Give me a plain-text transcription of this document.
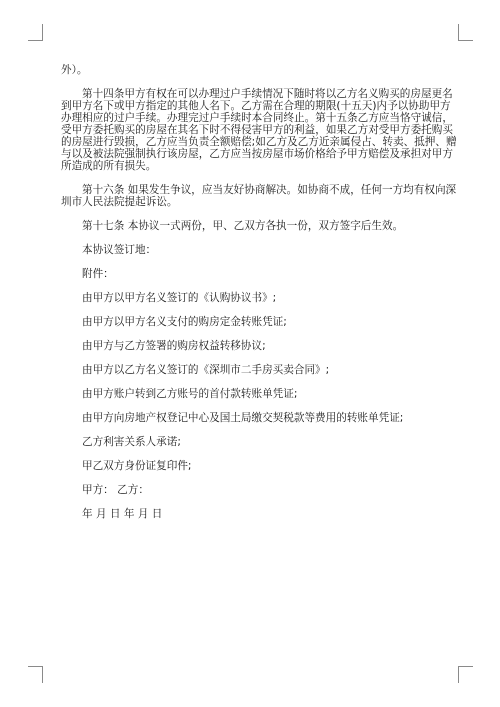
外）。
第十四条甲方有权在可以办理过户手续情况下随时将以乙方名义购买的房屋更名
到甲方名下或甲方指定的其他人名下。乙方需在合理的期限(十五天)内予以协助甲方
办理相应的过户手续。办理完过户手续时本合同终止。第十五条乙方应当恪守诚信，
受甲方委托购买的房屋在其名下时不得侵害甲方的利益，如果乙方对受甲方委托购买
的房屋进行毁损，乙方应当负责全额赔偿;如乙方及乙方近亲属侵占、转卖、抵押、赠
与以及被法院强制执行该房屋，乙方应当按房屋市场价格给予甲方赔偿及承担对甲方
所造成的所有损失。
第十六条 如果发生争议，应当友好协商解决。如协商不成，任何一方均有权向深
圳市人民法院提起诉讼。
第十七条 本协议一式两份，甲、乙双方各执一份，双方签字后生效。
本协议签订地：
附件：
由甲方以甲方名义签订的《认购协议书》;
由甲方以甲方名义支付的购房定金转账凭证;
由甲方与乙方签署的购房权益转移协议;
由甲方以乙方名义签订的《深圳市二手房买卖合同》;
由甲方账户转到乙方账号的首付款转账单凭证;
由甲方向房地产权登记中心及国土局缴交契税款等费用的转账单凭证;
乙方利害关系人承诺;
甲乙双方身份证复印件;
甲方： 乙方：
年 月 日 年 月 日
